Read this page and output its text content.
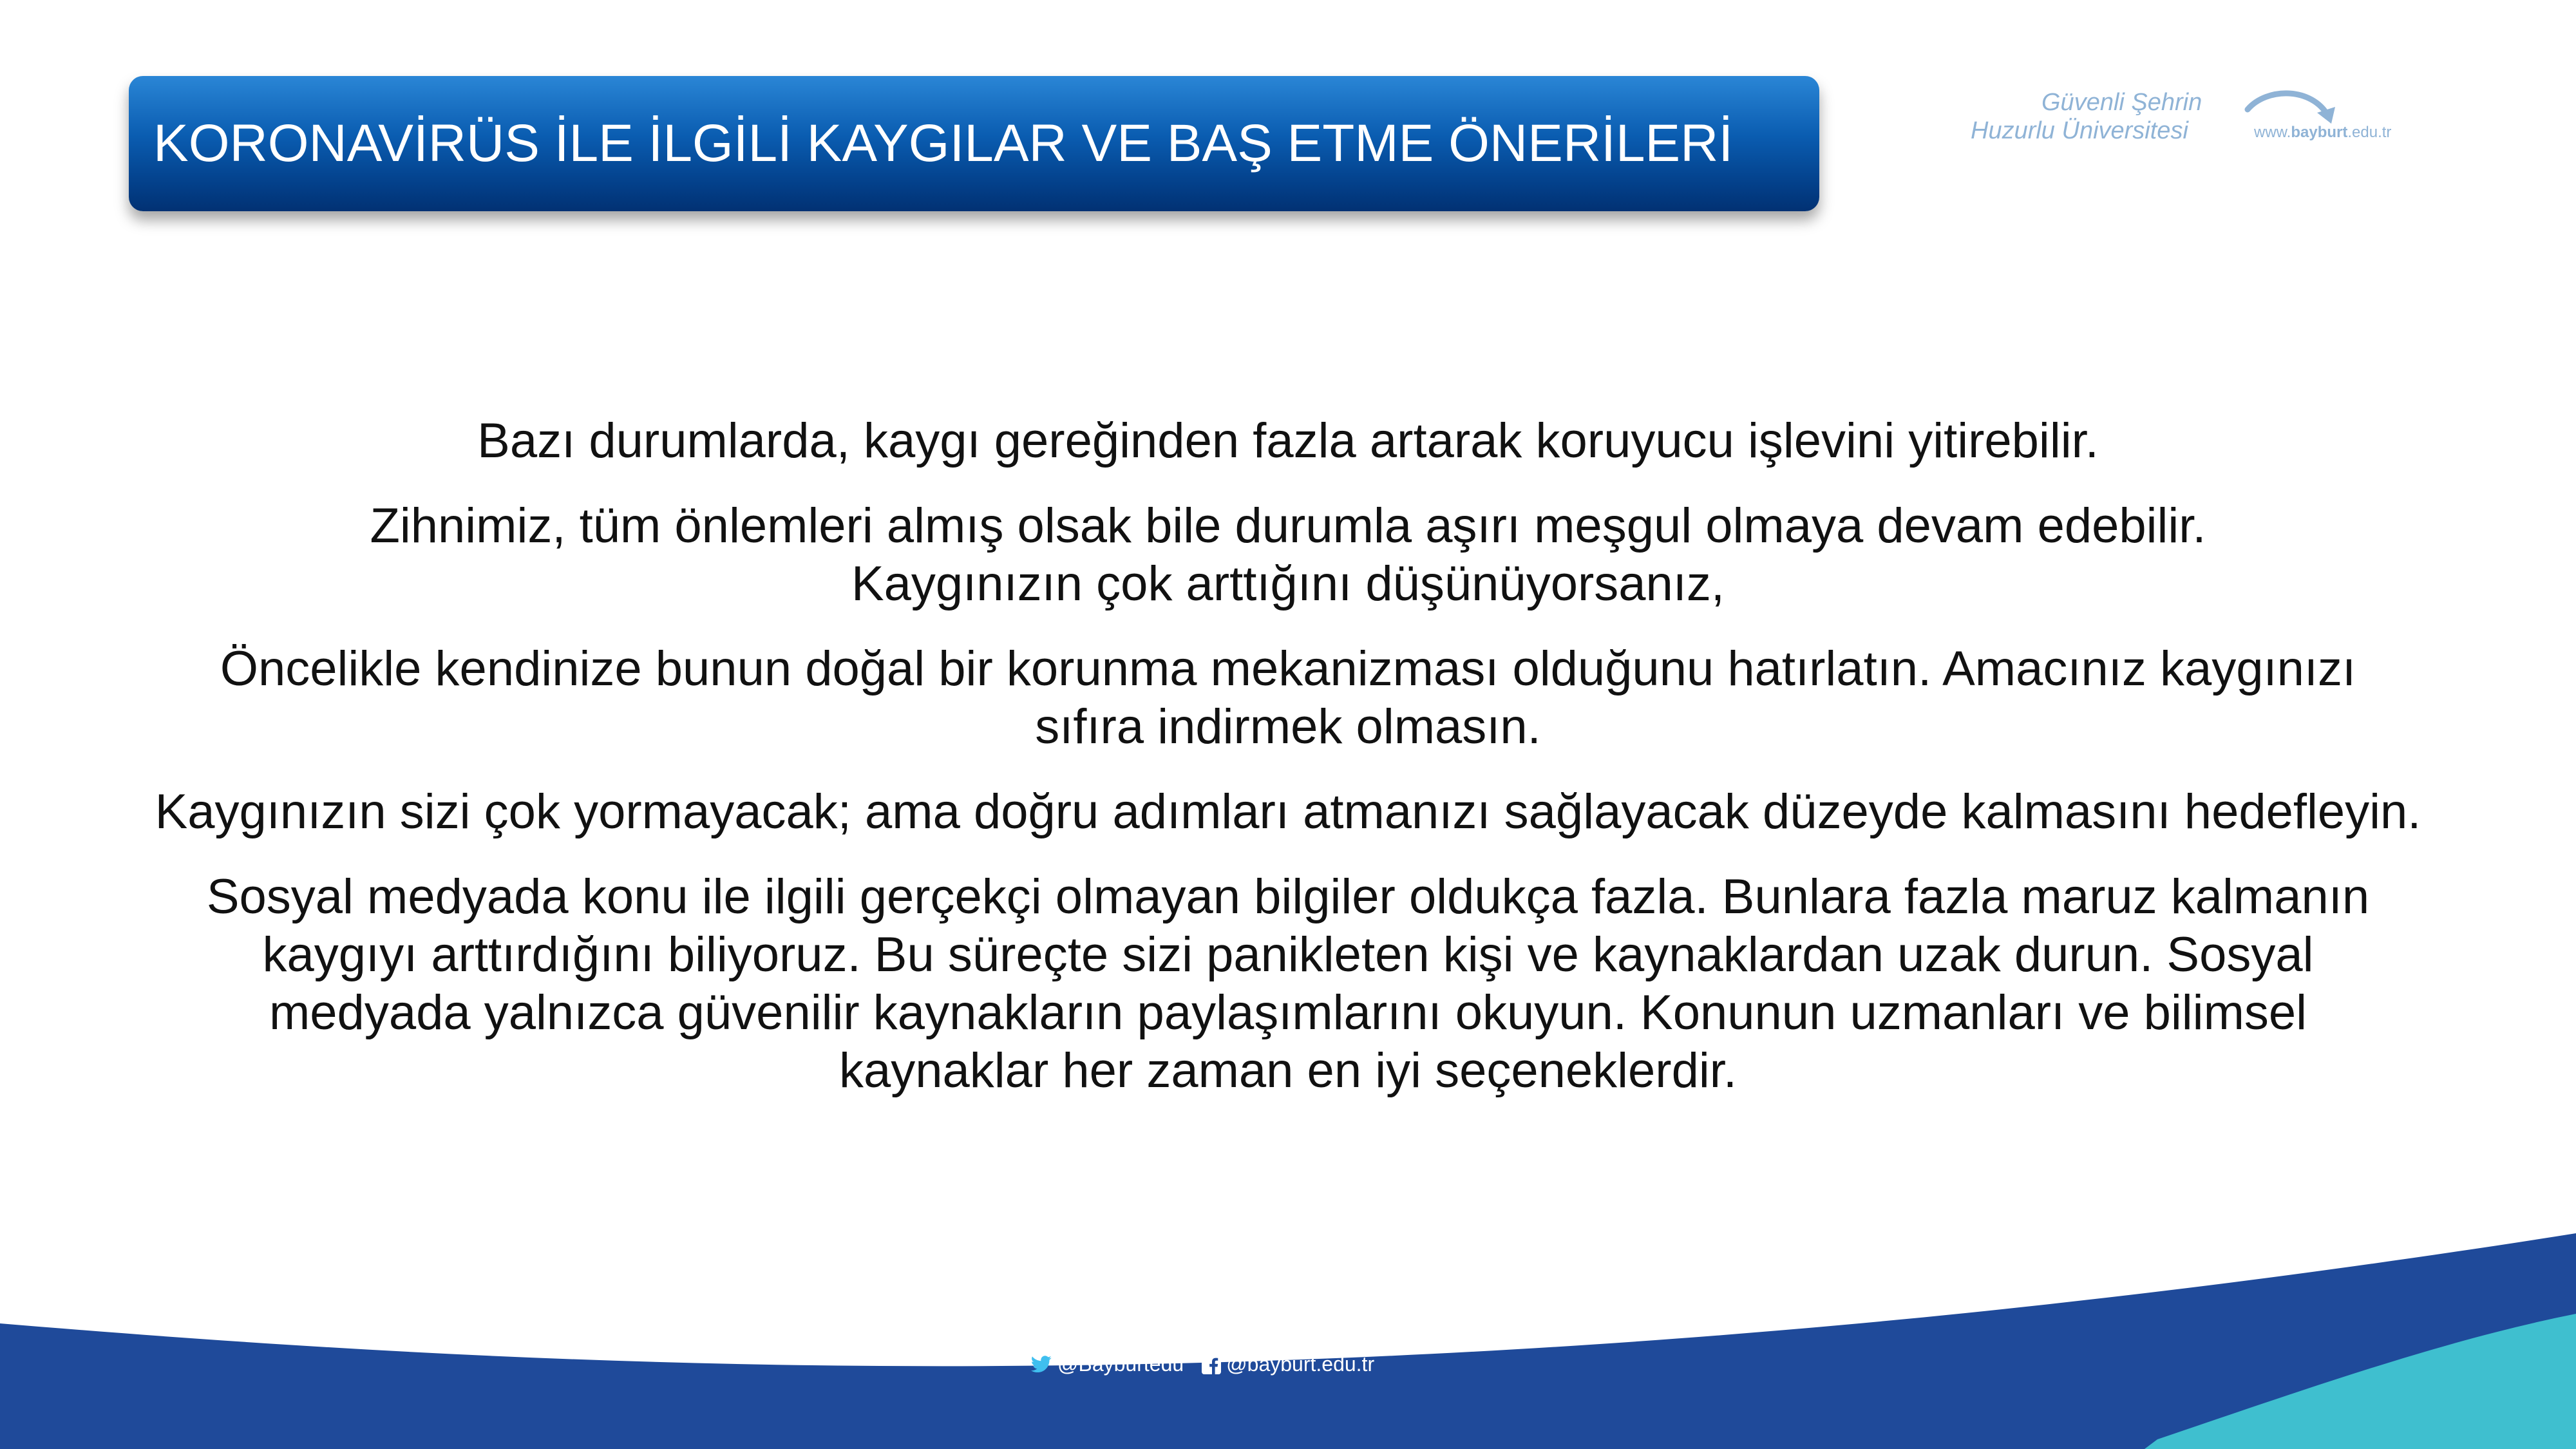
KORONAVİRÜS İLE İLGİLİ KAYGILAR VE BAŞ ETME ÖNERİLERİ
Güvenli Şehrin
Huzurlu Üniversitesi	www.bayburt.edu.tr

Bazı durumlarda, kaygı gereğinden fazla artarak koruyucu işlevini yitirebilir.

Zihnimiz, tüm önlemleri almış olsak bile durumla aşırı meşgul olmaya devam edebilir. Kaygınızın çok arttığını düşünüyorsanız,

Öncelikle kendinize bunun doğal bir korunma mekanizması olduğunu hatırlatın. Amacınız kaygınızı sıfıra indirmek olmasın.

Kaygınızın sizi çok yormayacak; ama doğru adımları atmanızı sağlayacak düzeyde kalmasını hedefleyin.

Sosyal medyada konu ile ilgili gerçekçi olmayan bilgiler oldukça fazla. Bunlara fazla maruz kalmanın kaygıyı arttırdığını biliyoruz. Bu süreçte sizi panikleten kişi ve kaynaklardan uzak durun. Sosyal medyada yalnızca güvenilir kaynakların paylaşımlarını okuyun. Konunun uzmanları ve bilimsel kaynaklar her zaman en iyi seçeneklerdir.

@Bayburtedu @bayburt.edu.tr
